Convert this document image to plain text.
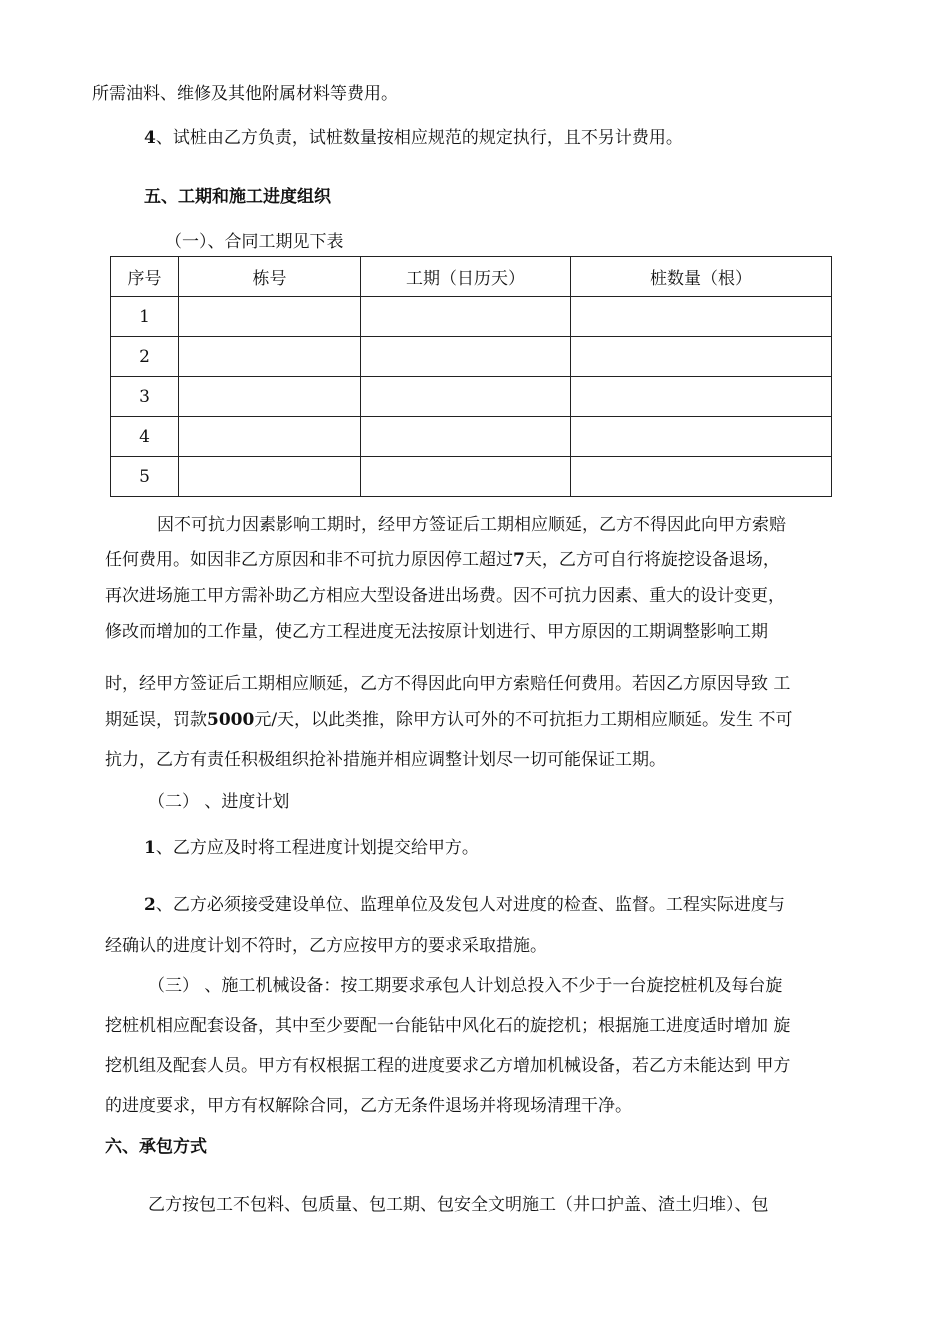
所需油料、维修及其他附属材料等费用。
4、试桩由乙方负责，试桩数量按相应规范的规定执行，且不另计费用。
五、工期和施工进度组织
（一）、合同工期见下表
序号	栋号	工期（日历天）	桩数量（根）
1			
2			
3			
4			
5			
因不可抗力因素影响工期时，经甲方签证后工期相应顺延，乙方不得因此向甲方索赔
任何费用。如因非乙方原因和非不可抗力原因停工超过7天，乙方可自行将旋挖设备退场，
再次进场施工甲方需补助乙方相应大型设备进出场费。因不可抗力因素、重大的设计变更，
修改而增加的工作量，使乙方工程进度无法按原计划进行、甲方原因的工期调整影响工期
时，经甲方签证后工期相应顺延，乙方不得因此向甲方索赔任何费用。若因乙方原因导致 工
期延误，罚款5000元/天，以此类推，除甲方认可外的不可抗拒力工期相应顺延。发生 不可
抗力，乙方有责任积极组织抢补措施并相应调整计划尽一切可能保证工期。
（二） 、进度计划
1、乙方应及时将工程进度计划提交给甲方。
2、乙方必须接受建设单位、监理单位及发包人对进度的检查、监督。工程实际进度与
经确认的进度计划不符时，乙方应按甲方的要求采取措施。
（三） 、施工机械设备：按工期要求承包人计划总投入不少于一台旋挖桩机及每台旋
挖桩机相应配套设备，其中至少要配一台能钻中风化石的旋挖机；根据施工进度适时增加 旋
挖机组及配套人员。甲方有权根据工程的进度要求乙方增加机械设备，若乙方未能达到 甲方
的进度要求，甲方有权解除合同，乙方无条件退场并将现场清理干净。
六、承包方式
乙方按包工不包料、包质量、包工期、包安全文明施工（井口护盖、渣土归堆）、包
